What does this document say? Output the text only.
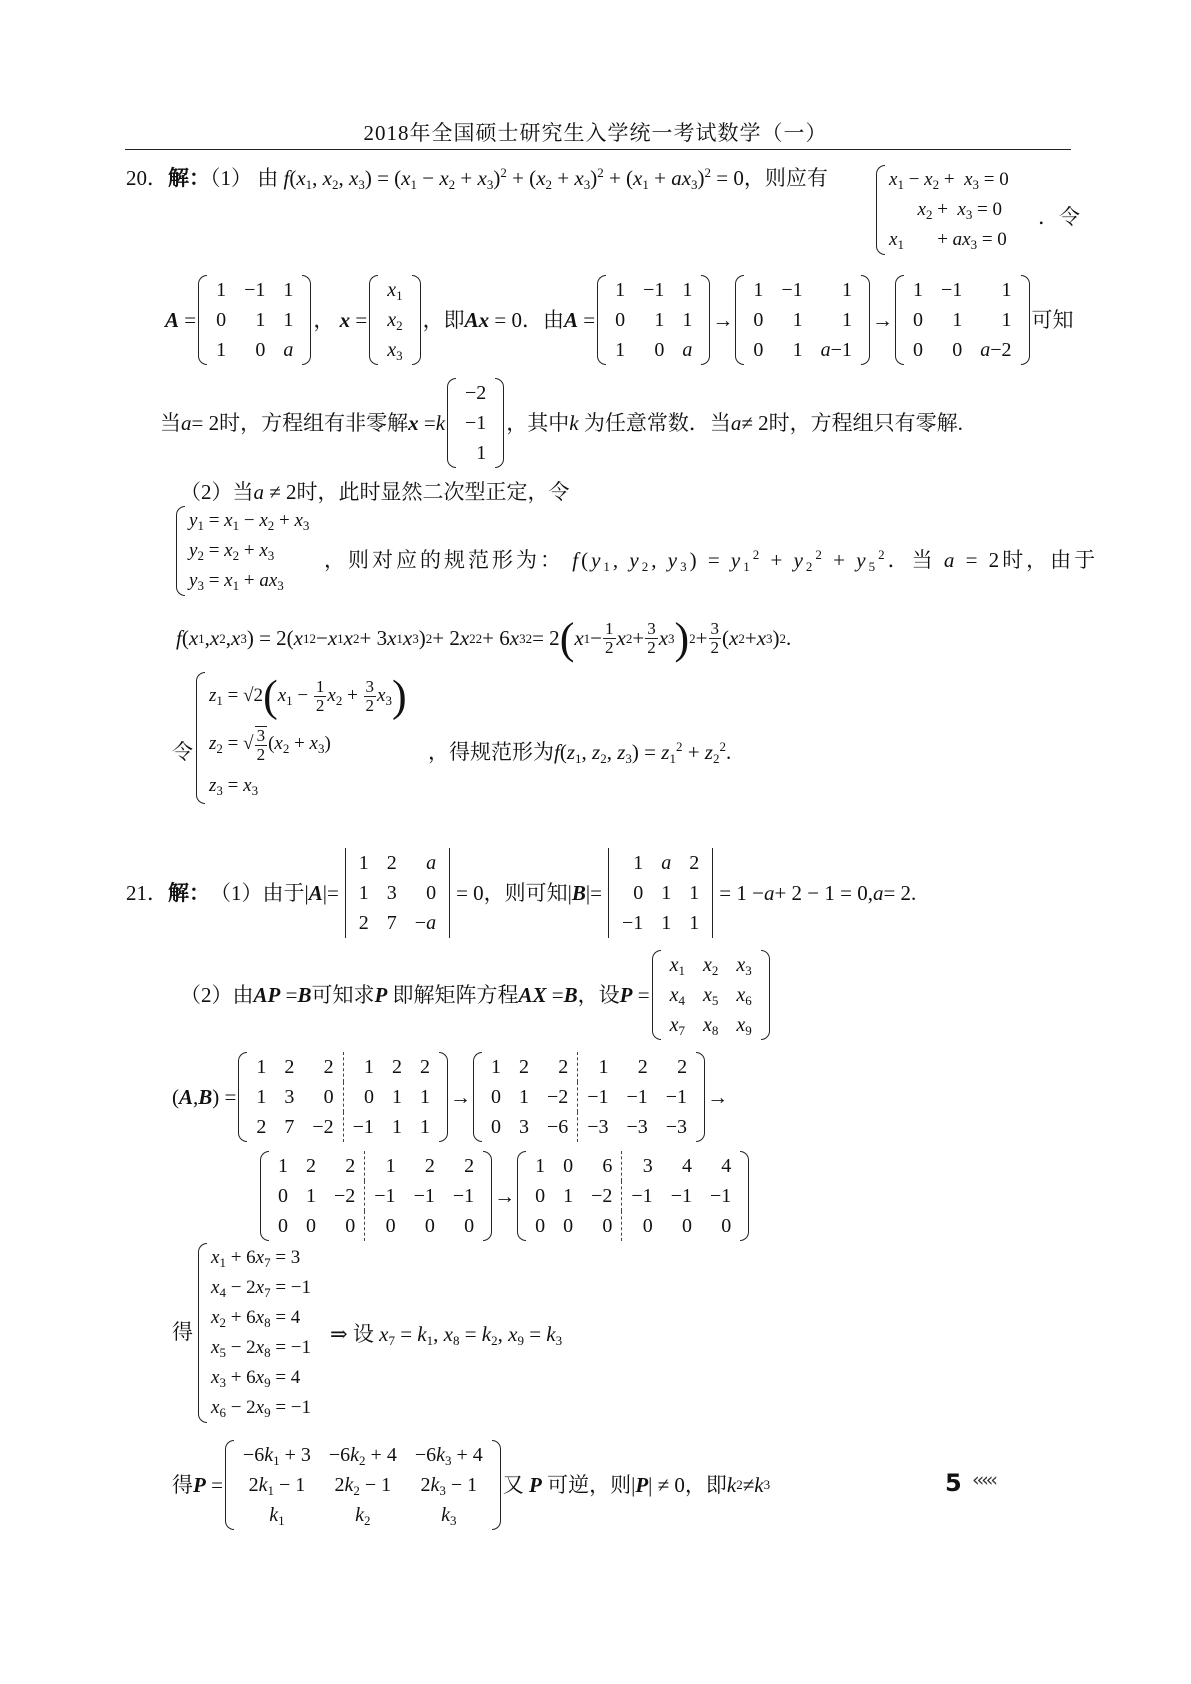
2018年全国硕士研究生入学统一考试数学（一）
20．解：（1） 由 $f(x_1$, $x_2$, $x_3) = (x_1 - x_2 + x_3)^2 + (x_2 + x_3)^2 + (x_1 + ax_3)^2 = 0$，则应有	$x_1 - x_2 + x_3 = 0$
$x_2 + x_3 = 0$
$x_1$       + $ax_3 = 0$
．令
A =
1	−1	1
0	1	1
1	0	a
， x =
$x_1$
$x_2$
$x_3$
， 即 Ax = 0． 由 A =
1	−1	1
0	1	1
1	0	a
→
1	−1	1
0	1	1
0	1	a−1
→
1	−1	1
0	1	1
0	0	a−2
可知
当 a = 2 时，方程组有非零解 x = k
−2
−1
1
，其中 k
为任意常数．当 a ≠ 2 时，方程组只有零解.
（2）当a ≠ 2时，此时显然二次型正定，令
$y_1 = x_1 - x_2 + x_3$
$y_2 = x_2 + x_3$
$y_3 = x_1 + ax_3$
，则对应的规范形为： $f(y_1$, $y_2$, $y_3) = y_1^2 + y_2^2 + y_5^2$．当 a = 2时，由于
f ( x 1 , x 2 , x 3 ) = 2( x 1 2 − x 1 x 2 + 3 x 1 x 3 ) 2 + 2 x 2 2 + 6 x 3 2 = 2 ( x $1 - \frac{1}{2}$ x $2 + \frac{3}{2}$ x 3 ) $2 + \frac{3}{2}$ ( x 2 + x 3 ) 2 .
令
$z_1 = √2(x_1 - \frac{1}{2} x_2 + \frac{3}{2} x_3)$
$z_2$ = √ $\frac{3}{2} (x_2 + x_3)$
$z_3 = x_3$
，得规范形为$f(z_1$, $z_2$, $z_3) = z_1^2 + z_2^2$.
21． 解： （1）由于 | A |=
1	2	a
1	3	0
2	7	−a
= 0 ，则可知 | B |=
1	a	2
0	1	1
−1	1	1
= 1 − a + 2 − 1 = 0, a = 2.
（2）由 AP = B 可知求 P
即解矩阵方程 AX = B ，设 P =
$x_1$	$x_2$	$x_3$
$x_4$	$x_5$	$x_6$
$x_7$	$x_8$	$x_9$
( A , B ) =
1	2	2	1	2	2
1	3	0	0	1	1
2	7	−2	−1	1	1
→
1	2	2	1	2	2
0	1	−2	−1	−1	−1
0	3	−6	−3	−3	−3
→
1	2	2	1	2	2
0	1	−2	−1	−1	−1
0	0	0	0	0	0
→
1	0	6	3	4	4
0	1	−2	−1	−1	−1
0	0	0	0	0	0
得
$x_1 + 6x_7 = 3$
$x_4 - 2x_7 = -1$
$x_2 + 6x_8 = 4$
$x_5 - 2x_8 = -1$
$x_3 + 6x_9 = 4$
$x_6 - 2x_9 = -1$
⇒ 设 $x_7 = k_1$, $x_8 = k_2$, $x_9 = k_3$
得 P =
$-6k_1 + 3$	$-6k_2 + 4$	$-6k_3 + 4$
$2k_1 - 1$	$2k_2 - 1$	$2k_3 - 1$
$k_1$	$k_2$	$k_3$
又
P
可逆，则 | P | ≠ 0 ，即 k 2 ≠ k 3	5 ‹‹‹‹‹
